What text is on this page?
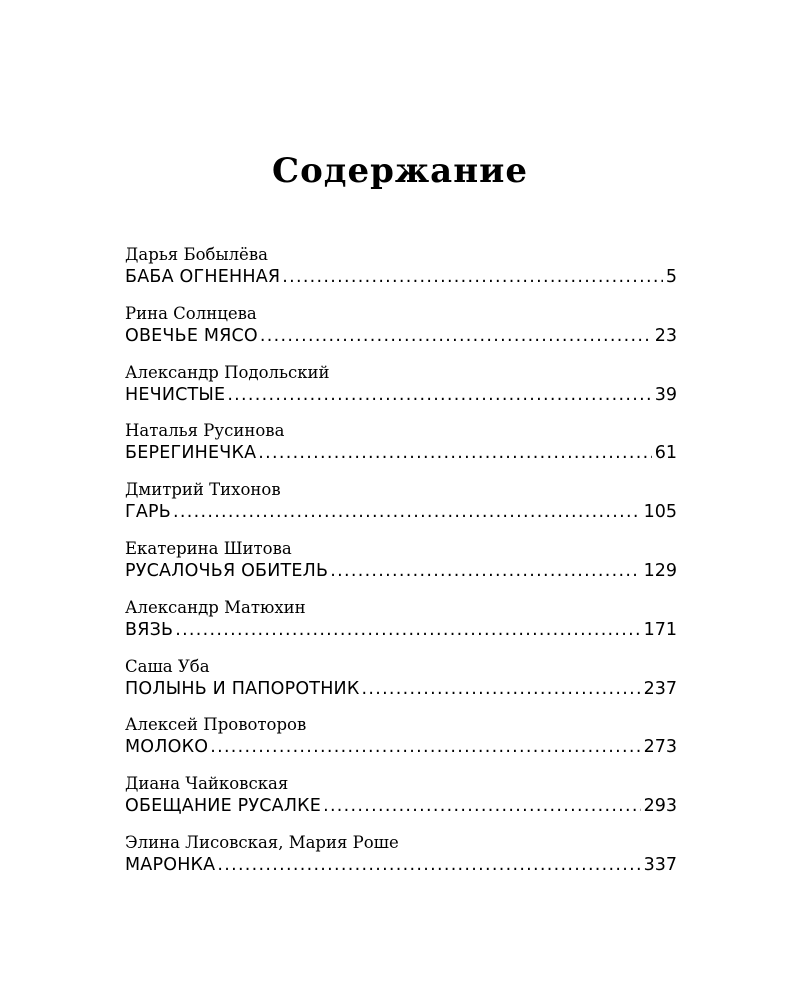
Содержание
Дарья Бобылёва
БАБА ОГНЕННАЯ .....	5
Рина Солнцева
ОВЕЧЬЕ МЯСО .....	23
Александр Подольский
НЕЧИСТЫЕ .....	39
Наталья Русинова
БЕРЕГИНЕЧКА .....	61
Дмитрий Тихонов
ГАРЬ .....	105
Екатерина Шитова
РУСАЛОЧЬЯ ОБИТЕЛЬ .....	129
Александр Матюхин
ВЯЗЬ .....	171
Саша Уба
ПОЛЫНЬ И ПАПОРОТНИК .....	237
Алексей Провоторов
МОЛОКО .....	273
Диана Чайковская
ОБЕЩАНИЕ РУСАЛКЕ .....	293
Элина Лисовская, Мария Роше
МАРОНКА .....	337
